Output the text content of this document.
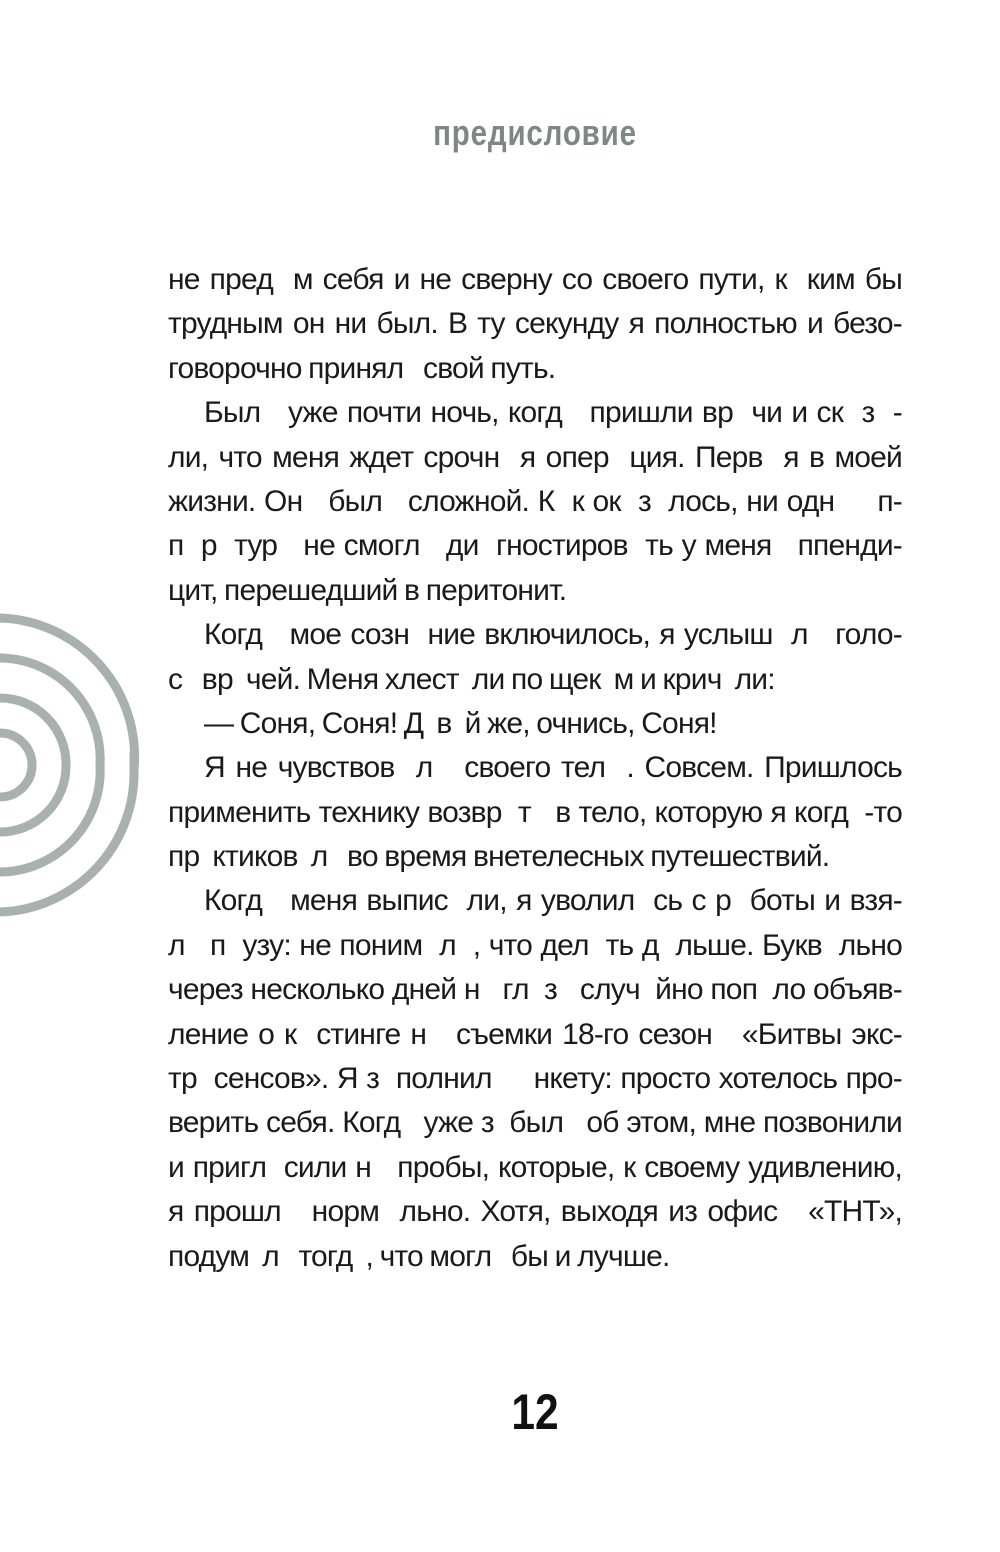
предисловие
не пред  м себя и не сверну со своего пути, к  ким бы
трудным он ни был. В ту секунду я полностью и безо-
говорочно принял   свой путь.
Был   уже почти ночь, когд   пришли вр  чи и ск  з  -
ли, что меня ждет срочн  я опер  ция. Перв  я в моей
жизни. Он   был   сложной. К  к ок  з  лось, ни одн     п-
п  р  тур   не смогл   ди  гностиров  ть у меня   ппенди-
цит, перешедший в перитонит.
Когд   мое созн  ние включилось, я услыш  л   голо-
с   вр  чей. Меня хлест  ли по щек  м и крич  ли:
— Соня, Соня! Д  в  й же, очнись, Соня!
Я не чувствов  л   своего тел  . Совсем. Пришлось
применить технику возвр  т   в тело, которую я когд  -то
пр  ктиков  л   во время внетелесных путешествий.
Когд   меня выпис  ли, я уволил  сь с р  боты и взя-
л   п  узу: не поним  л  , что дел  ть д  льше. Букв  льно
через несколько дней н   гл  з   случ  йно поп  ло объяв-
ление о к  стинге н   съемки 18-го сезон   «Битвы экс-
тр  сенсов». Я з  полнил     нкету: просто хотелось про-
верить себя. Когд   уже з  был   об этом, мне позвонили
и пригл  сили н   пробы, которые, к своему удивлению,
я прошл   норм  льно. Хотя, выходя из офис   «ТНТ»,
подум  л   тогд  , что могл   бы и лучше.
12
